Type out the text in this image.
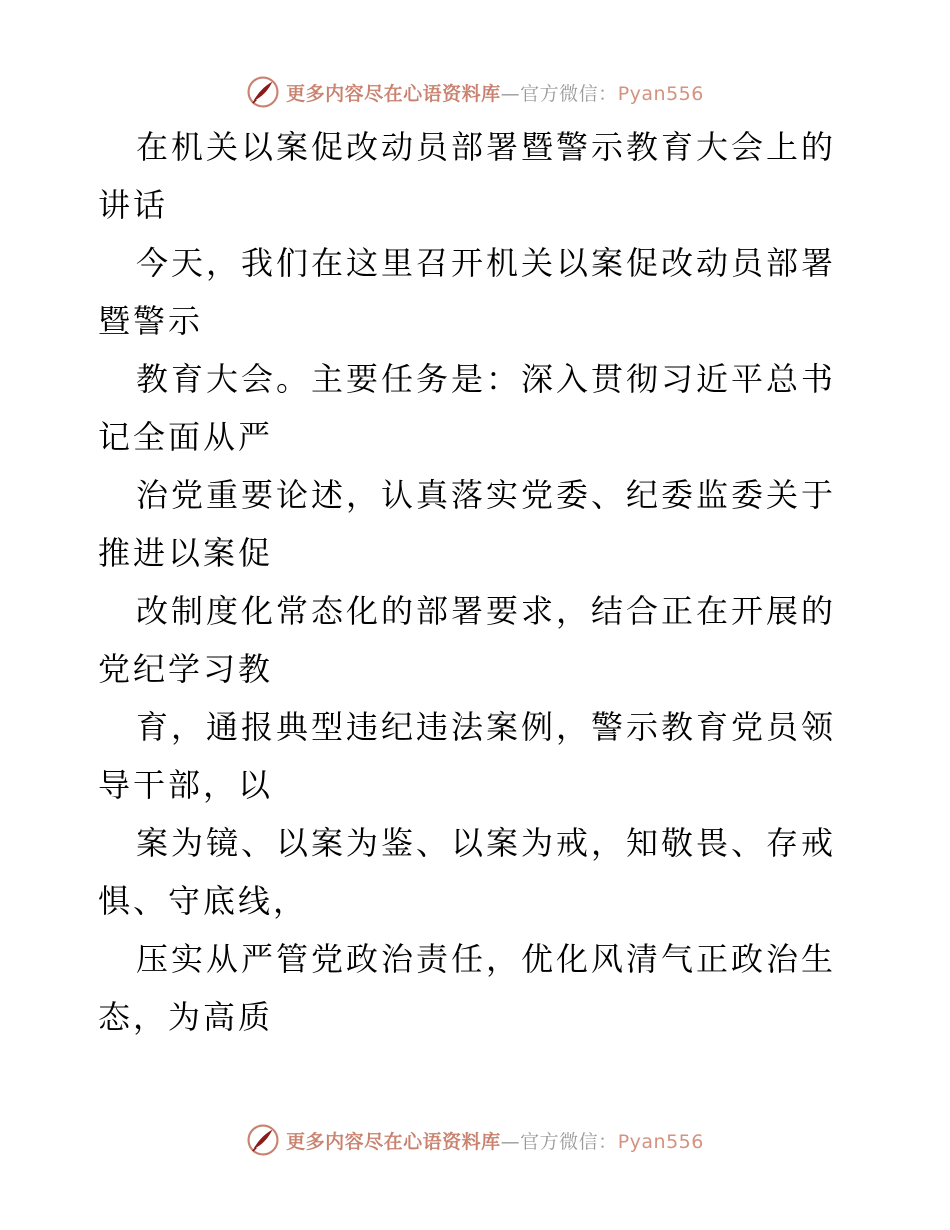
更多内容尽在心语资料库—官方微信：Pyan556

在机关以案促改动员部署暨警示教育大会上的讲话

今天，我们在这里召开机关以案促改动员部署暨警示

教育大会。主要任务是：深入贯彻习近平总书记全面从严

治党重要论述，认真落实党委、纪委监委关于推进以案促

改制度化常态化的部署要求，结合正在开展的党纪学习教

育，通报典型违纪违法案例，警示教育党员领导干部，以

案为镜、以案为鉴、以案为戒，知敬畏、存戒惧、守底线，

压实从严管党政治责任，优化风清气正政治生态，为高质

更多内容尽在心语资料库—官方微信：Pyan556
